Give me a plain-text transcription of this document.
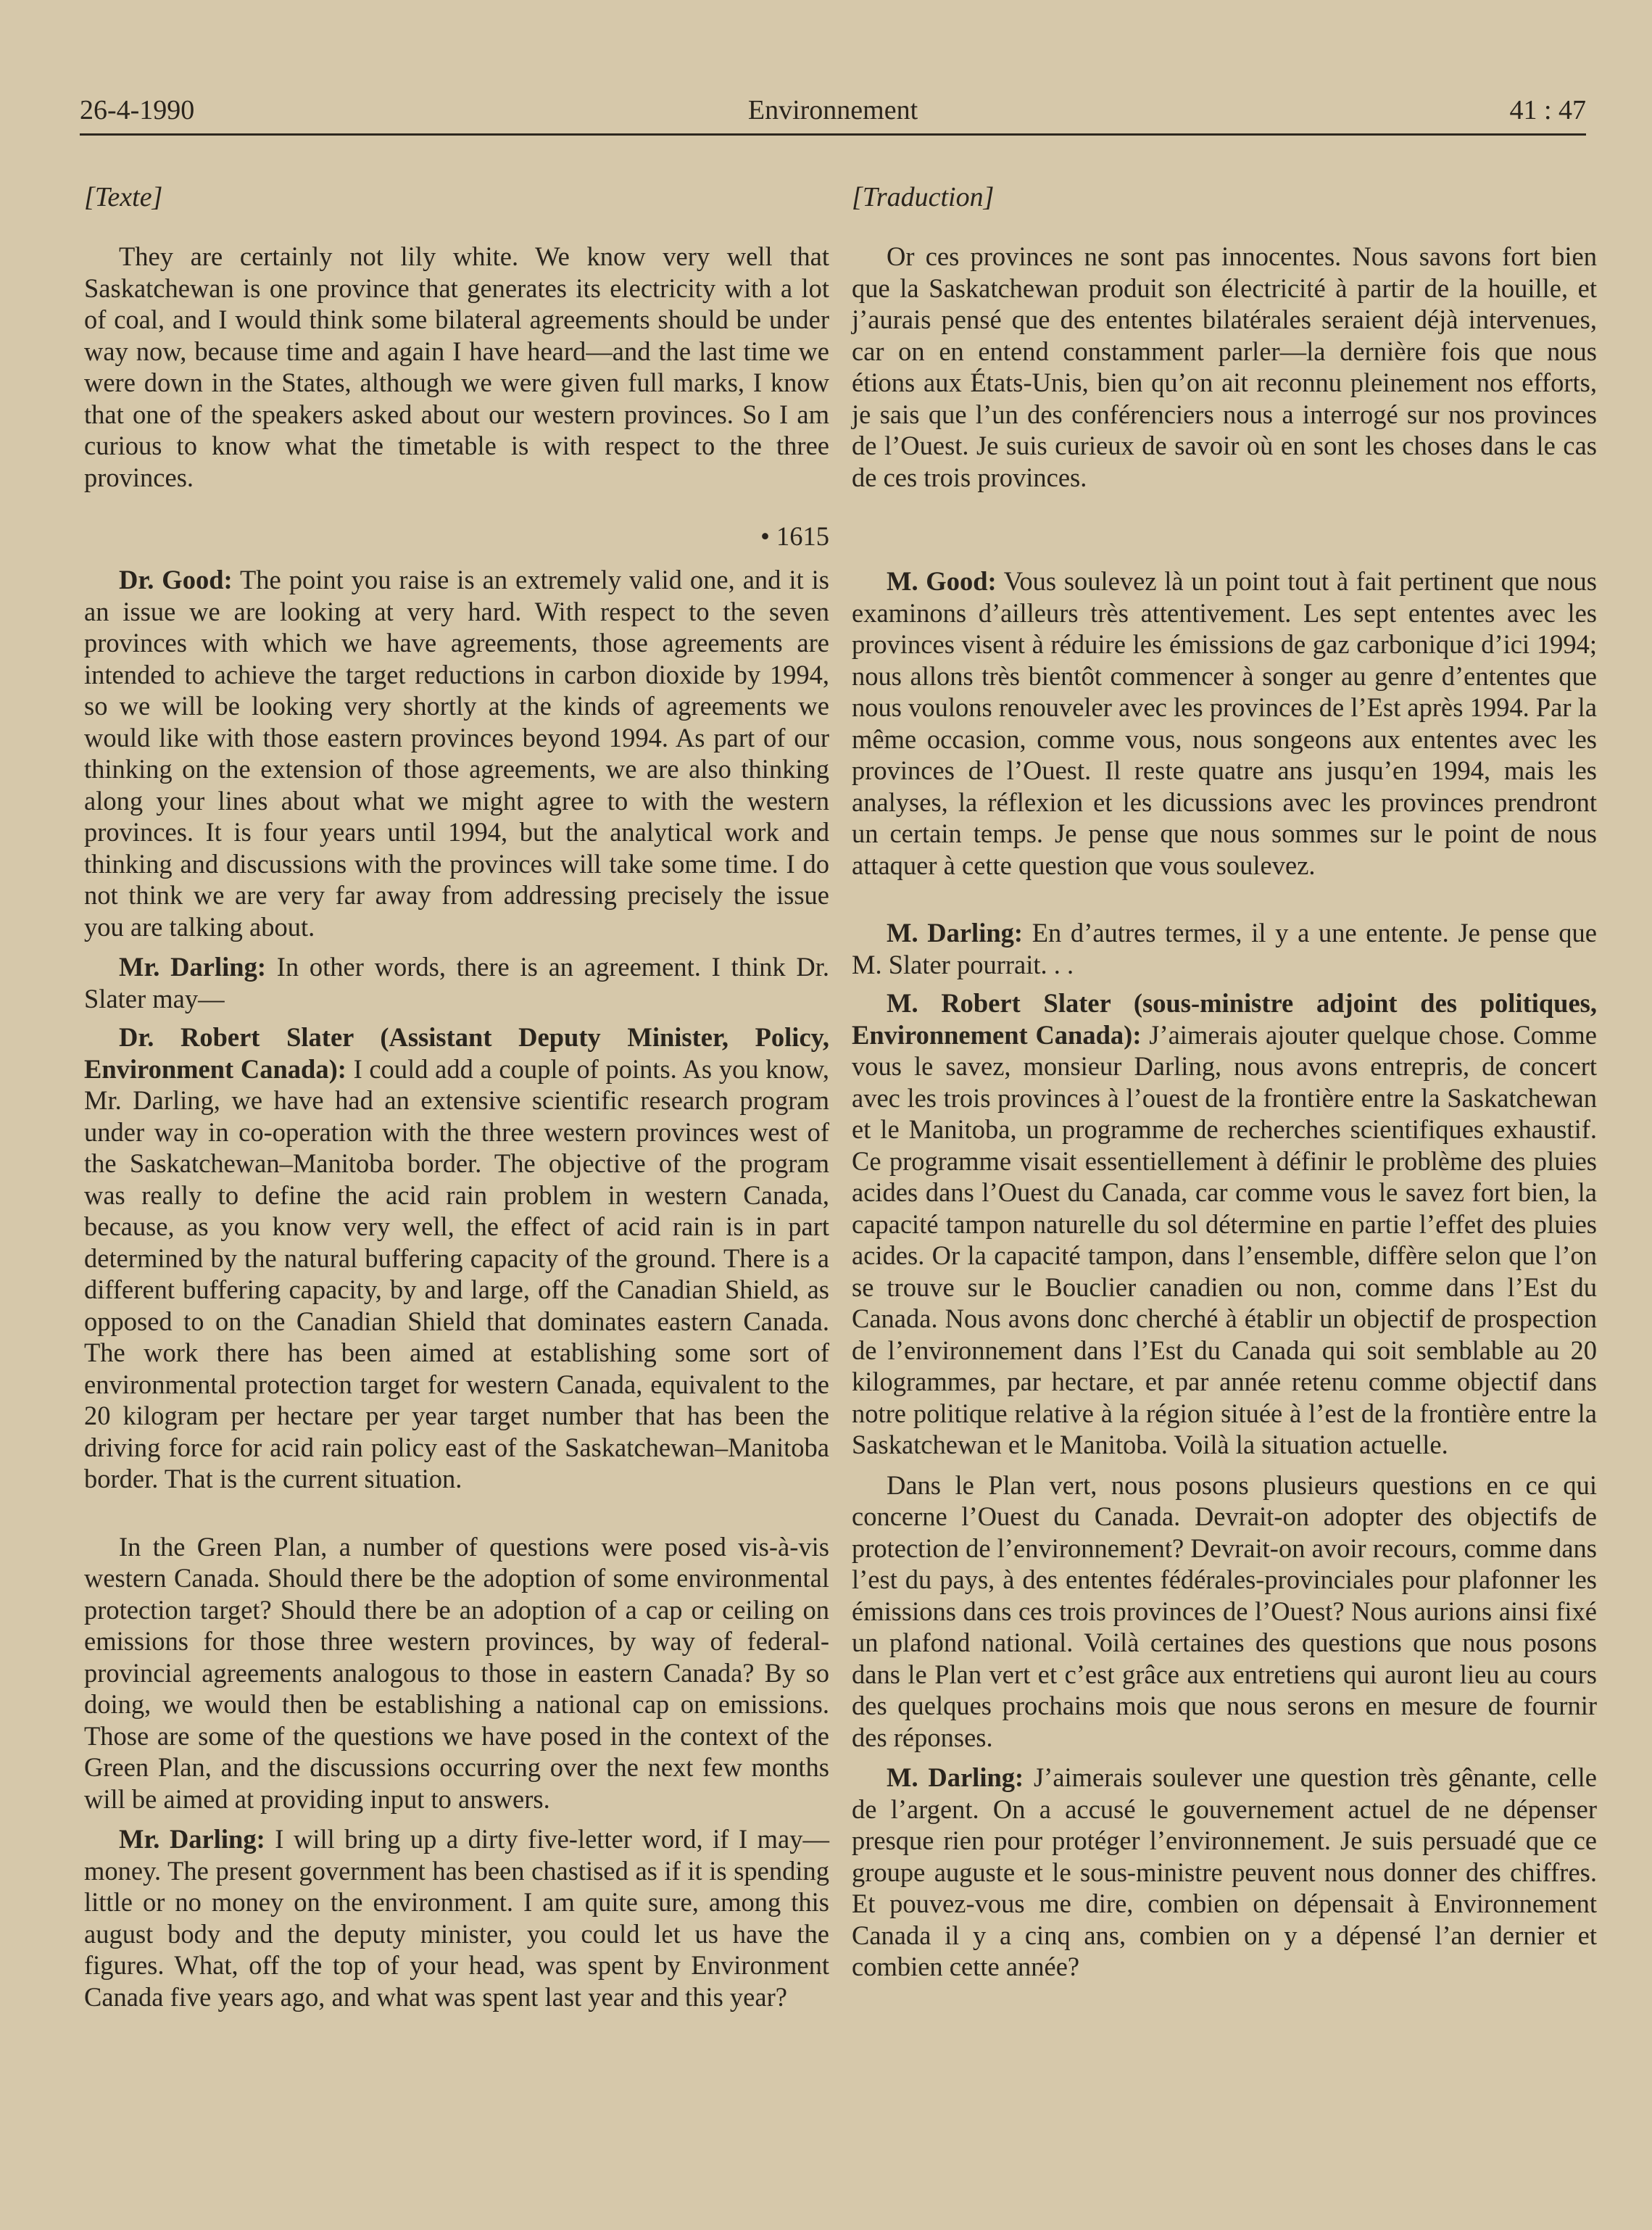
26-4-1990	Environnement	41 : 47
[Texte]

They are certainly not lily white. We know very well that Saskatchewan is one province that generates its electricity with a lot of coal, and I would think some bilateral agreements should be under way now, because time and again I have heard—and the last time we were down in the States, although we were given full marks, I know that one of the speakers asked about our western provinces. So I am curious to know what the timetable is with respect to the three provinces.

• 1615

Dr. Good: The point you raise is an extremely valid one, and it is an issue we are looking at very hard. With respect to the seven provinces with which we have agreements, those agreements are intended to achieve the target reductions in carbon dioxide by 1994, so we will be looking very shortly at the kinds of agreements we would like with those eastern provinces beyond 1994. As part of our thinking on the extension of those agreements, we are also thinking along your lines about what we might agree to with the western provinces. It is four years until 1994, but the analytical work and thinking and discussions with the provinces will take some time. I do not think we are very far away from addressing precisely the issue you are talking about.

Mr. Darling: In other words, there is an agreement. I think Dr. Slater may—

Dr. Robert Slater (Assistant Deputy Minister, Policy, Environment Canada): I could add a couple of points. As you know, Mr. Darling, we have had an extensive scientific research program under way in co-operation with the three western provinces west of the Saskatchewan–Manitoba border. The objective of the program was really to define the acid rain problem in western Canada, because, as you know very well, the effect of acid rain is in part determined by the natural buffering capacity of the ground. There is a different buffering capacity, by and large, off the Canadian Shield, as opposed to on the Canadian Shield that dominates eastern Canada. The work there has been aimed at establishing some sort of environmental protection target for western Canada, equivalent to the 20 kilogram per hectare per year target number that has been the driving force for acid rain policy east of the Saskatchewan–Manitoba border. That is the current situation.

In the Green Plan, a number of questions were posed vis-à-vis western Canada. Should there be the adoption of some environmental protection target? Should there be an adoption of a cap or ceiling on emissions for those three western provinces, by way of federal-provincial agreements analogous to those in eastern Canada? By so doing, we would then be establishing a national cap on emissions. Those are some of the questions we have posed in the context of the Green Plan, and the discussions occurring over the next few months will be aimed at providing input to answers.

Mr. Darling: I will bring up a dirty five-letter word, if I may—money. The present government has been chastised as if it is spending little or no money on the environment. I am quite sure, among this august body and the deputy minister, you could let us have the figures. What, off the top of your head, was spent by Environment Canada five years ago, and what was spent last year and this year?

[Traduction]

Or ces provinces ne sont pas innocentes. Nous savons fort bien que la Saskatchewan produit son électricité à partir de la houille, et j’aurais pensé que des ententes bilatérales seraient déjà intervenues, car on en entend constamment parler—la dernière fois que nous étions aux États-Unis, bien qu’on ait reconnu pleinement nos efforts, je sais que l’un des conférenciers nous a interrogé sur nos provinces de l’Ouest. Je suis curieux de savoir où en sont les choses dans le cas de ces trois provinces.

M. Good: Vous soulevez là un point tout à fait pertinent que nous examinons d’ailleurs très attentivement. Les sept ententes avec les provinces visent à réduire les émissions de gaz carbonique d’ici 1994; nous allons très bientôt commencer à songer au genre d’ententes que nous voulons renouveler avec les provinces de l’Est après 1994. Par la même occasion, comme vous, nous songeons aux ententes avec les provinces de l’Ouest. Il reste quatre ans jusqu’en 1994, mais les analyses, la réflexion et les dicussions avec les provinces prendront un certain temps. Je pense que nous sommes sur le point de nous attaquer à cette question que vous soulevez.

M. Darling: En d’autres termes, il y a une entente. Je pense que M. Slater pourrait. . .

M. Robert Slater (sous-ministre adjoint des politiques, Environnement Canada): J’aimerais ajouter quelque chose. Comme vous le savez, monsieur Darling, nous avons entrepris, de concert avec les trois provinces à l’ouest de la frontière entre la Saskatchewan et le Manitoba, un programme de recherches scientifiques exhaustif. Ce programme visait essentiellement à définir le problème des pluies acides dans l’Ouest du Canada, car comme vous le savez fort bien, la capacité tampon naturelle du sol détermine en partie l’effet des pluies acides. Or la capacité tampon, dans l’ensemble, diffère selon que l’on se trouve sur le Bouclier canadien ou non, comme dans l’Est du Canada. Nous avons donc cherché à établir un objectif de prospection de l’environnement dans l’Est du Canada qui soit semblable au 20 kilogrammes, par hectare, et par année retenu comme objectif dans notre politique relative à la région située à l’est de la frontière entre la Saskatchewan et le Manitoba. Voilà la situation actuelle.

Dans le Plan vert, nous posons plusieurs questions en ce qui concerne l’Ouest du Canada. Devrait-on adopter des objectifs de protection de l’environnement? Devrait-on avoir recours, comme dans l’est du pays, à des ententes fédérales-provinciales pour plafonner les émissions dans ces trois provinces de l’Ouest? Nous aurions ainsi fixé un plafond national. Voilà certaines des questions que nous posons dans le Plan vert et c’est grâce aux entretiens qui auront lieu au cours des quelques prochains mois que nous serons en mesure de fournir des réponses.

M. Darling: J’aimerais soulever une question très gênante, celle de l’argent. On a accusé le gouvernement actuel de ne dépenser presque rien pour protéger l’environnement. Je suis persuadé que ce groupe auguste et le sous-ministre peuvent nous donner des chiffres. Et pouvez-vous me dire, combien on dépensait à Environnement Canada il y a cinq ans, combien on y a dépensé l’an dernier et combien cette année?
